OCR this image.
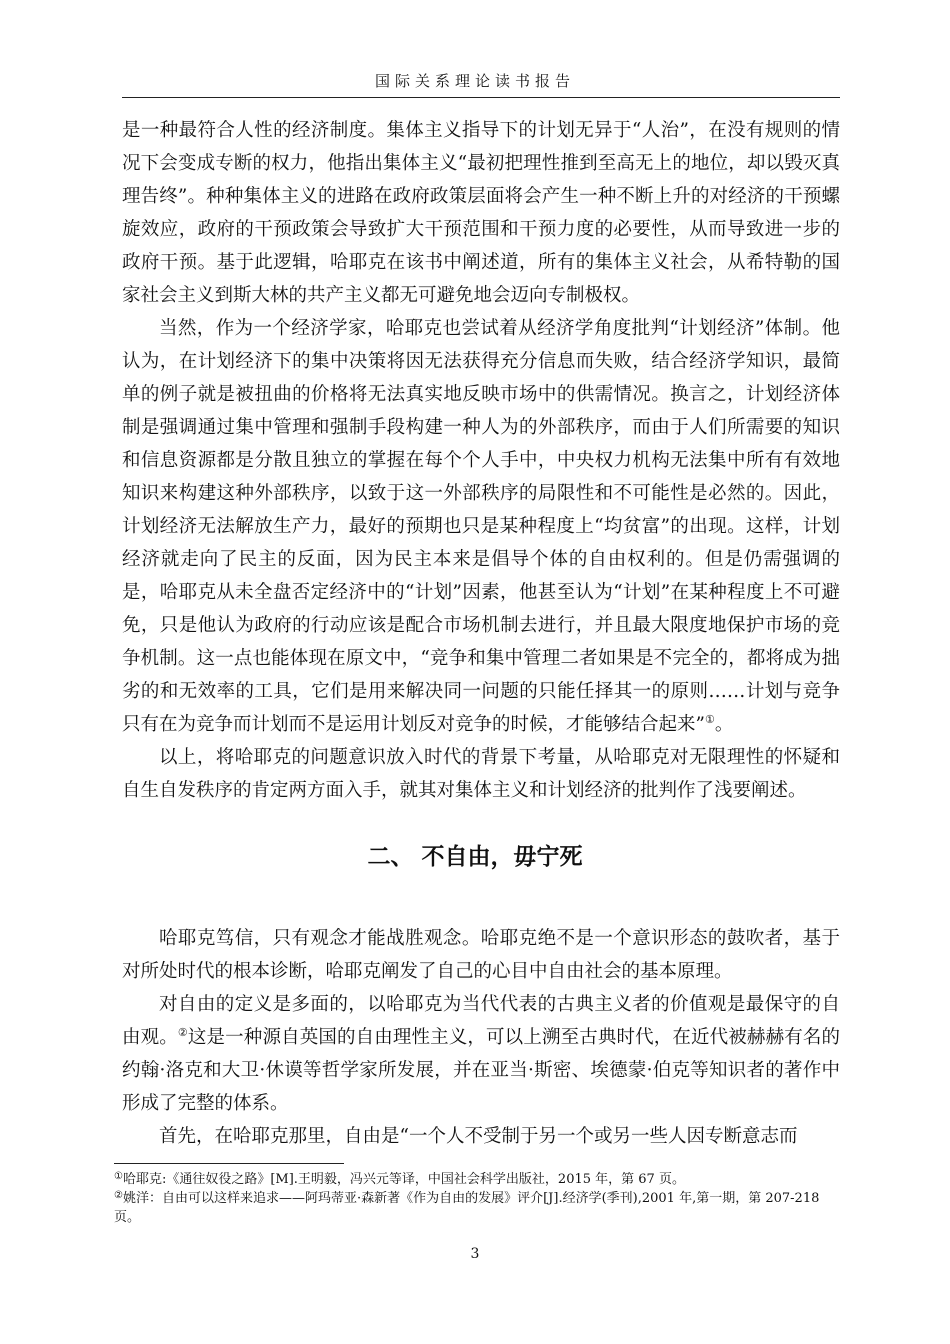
国际关系理论读书报告

是一种最符合人性的经济制度。集体主义指导下的计划无异于“人治”，在没有规则的情况下会变成专断的权力，他指出集体主义“最初把理性推到至高无上的地位，却以毁灭真理告终”。种种集体主义的进路在政府政策层面将会产生一种不断上升的对经济的干预螺旋效应，政府的干预政策会导致扩大干预范围和干预力度的必要性，从而导致进一步的政府干预。基于此逻辑，哈耶克在该书中阐述道，所有的集体主义社会，从希特勒的国家社会主义到斯大林的共产主义都无可避免地会迈向专制极权。

当然，作为一个经济学家，哈耶克也尝试着从经济学角度批判“计划经济”体制。他认为，在计划经济下的集中决策将因无法获得充分信息而失败，结合经济学知识，最简单的例子就是被扭曲的价格将无法真实地反映市场中的供需情况。换言之，计划经济体制是强调通过集中管理和强制手段构建一种人为的外部秩序，而由于人们所需要的知识和信息资源都是分散且独立的掌握在每个个人手中，中央权力机构无法集中所有有效地知识来构建这种外部秩序，以致于这一外部秩序的局限性和不可能性是必然的。因此，计划经济无法解放生产力，最好的预期也只是某种程度上“均贫富”的出现。这样，计划经济就走向了民主的反面，因为民主本来是倡导个体的自由权利的。但是仍需强调的是，哈耶克从未全盘否定经济中的“计划”因素，他甚至认为“计划”在某种程度上不可避免，只是他认为政府的行动应该是配合市场机制去进行，并且最大限度地保护市场的竞争机制。这一点也能体现在原文中，“竞争和集中管理二者如果是不完全的，都将成为拙劣的和无效率的工具，它们是用来解决同一问题的只能任择其一的原则……计划与竞争只有在为竞争而计划而不是运用计划反对竞争的时候，才能够结合起来”①。

以上，将哈耶克的问题意识放入时代的背景下考量，从哈耶克对无限理性的怀疑和自生自发秩序的肯定两方面入手，就其对集体主义和计划经济的批判作了浅要阐述。

二、 不自由，毋宁死

哈耶克笃信，只有观念才能战胜观念。哈耶克绝不是一个意识形态的鼓吹者，基于对所处时代的根本诊断，哈耶克阐发了自己的心目中自由社会的基本原理。

对自由的定义是多面的，以哈耶克为当代代表的古典主义者的价值观是最保守的自由观。②这是一种源自英国的自由理性主义，可以上溯至古典时代，在近代被赫赫有名的约翰·洛克和大卫·休谟等哲学家所发展，并在亚当·斯密、埃德蒙·伯克等知识者的著作中形成了完整的体系。

首先，在哈耶克那里，自由是“一个人不受制于另一个或另一些人因专断意志而

①哈耶克:《通往奴役之路》[M].王明毅，冯兴元等译，中国社会科学出版社，2015 年，第 67 页。

②姚洋：自由可以这样来追求——阿玛蒂亚·森新著《作为自由的发展》评介[J].经济学(季刊),2001 年,第一期，第 207-218 页。

3
